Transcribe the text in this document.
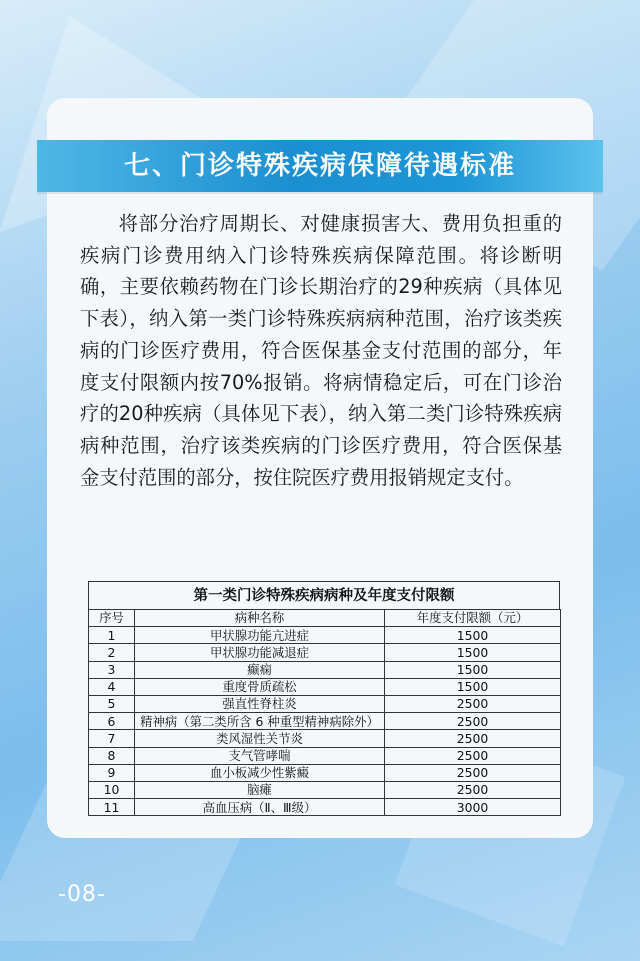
七、门诊特殊疾病保障待遇标准

将部分治疗周期长、对健康损害大、费用负担重的疾病门诊费用纳入门诊特殊疾病保障范围。将诊断明确，主要依赖药物在门诊长期治疗的29种疾病（具体见下表），纳入第一类门诊特殊疾病病种范围，治疗该类疾病的门诊医疗费用，符合医保基金支付范围的部分，年度支付限额内按70%报销。将病情稳定后，可在门诊治疗的20种疾病（具体见下表），纳入第二类门诊特殊疾病病种范围，治疗该类疾病的门诊医疗费用，符合医保基金支付范围的部分，按住院医疗费用报销规定支付。

第一类门诊特殊疾病病种及年度支付限额
序号	病种名称	年度支付限额（元）
1	甲状腺功能亢进症	1500
2	甲状腺功能减退症	1500
3	癫痫	1500
4	重度骨质疏松	1500
5	强直性脊柱炎	2500
6	精神病（第二类所含 6 种重型精神病除外）	2500
7	类风湿性关节炎	2500
8	支气管哮喘	2500
9	血小板减少性紫癜	2500
10	脑瘫	2500
11	高血压病（Ⅱ、Ⅲ级）	3000
-08-
